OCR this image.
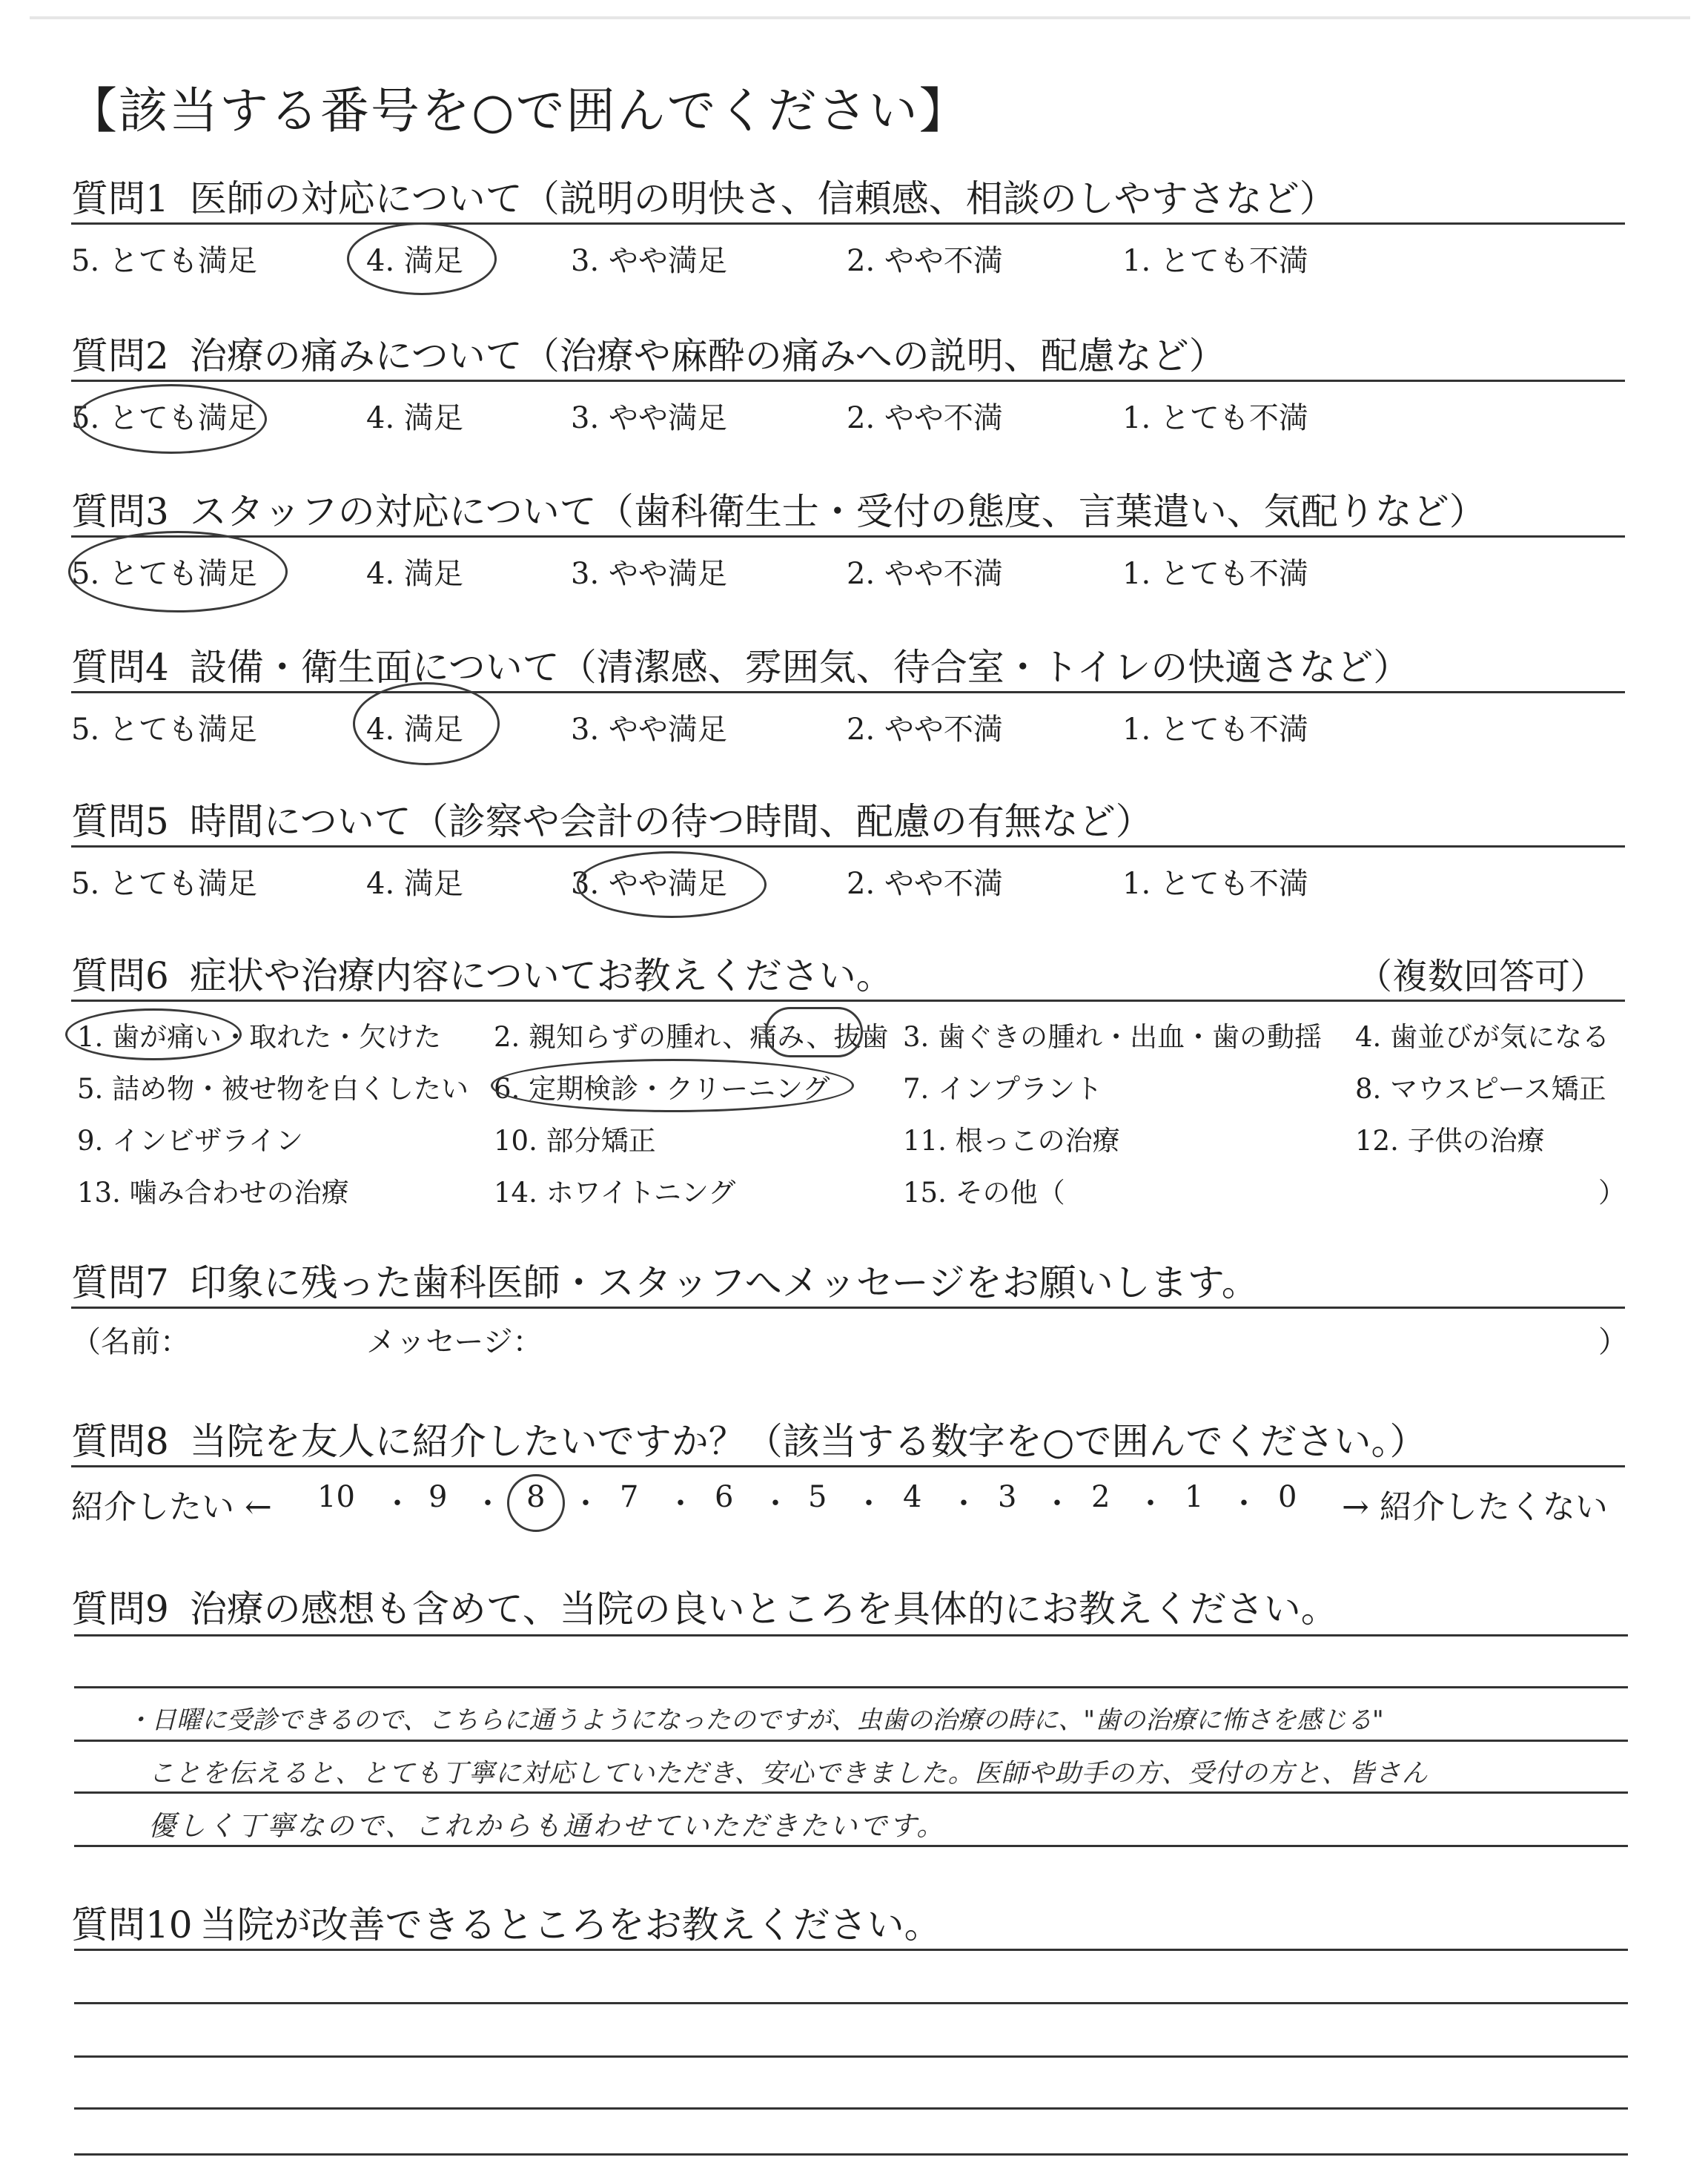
【該当する番号を○で囲んでください】
質問1 医師の対応について（説明の明快さ、信頼感、相談のしやすさなど）
5. とても満足	4. 満足	3. やや満足	2. やや不満	1. とても不満
質問2 治療の痛みについて（治療や麻酔の痛みへの説明、配慮など）
5. とても満足	4. 満足	3. やや満足	2. やや不満	1. とても不満
質問3 スタッフの対応について（歯科衛生士・受付の態度、言葉遣い、気配りなど）
5. とても満足	4. 満足	3. やや満足	2. やや不満	1. とても不満
質問4 設備・衛生面について（清潔感、雰囲気、待合室・トイレの快適さなど）
5. とても満足	4. 満足	3. やや満足	2. やや不満	1. とても不満
質問5 時間について（診察や会計の待つ時間、配慮の有無など）
5. とても満足	4. 満足	3. やや満足	2. やや不満	1. とても不満
質問6 症状や治療内容についてお教えください。	（複数回答可）
1. 歯が痛い・取れた・欠けた 2. 親知らずの腫れ、痛み、抜歯 3. 歯ぐきの腫れ・出血・歯の動揺 4. 歯並びが気になる
5. 詰め物・被せ物を白くしたい 6. 定期検診・クリーニング	7. インプラント	8. マウスピース矯正
9. インビザライン	10. 部分矯正	11. 根っこの治療	12. 子供の治療
13. 噛み合わせの治療	14. ホワイトニング	15. その他（	）
質問7 印象に残った歯科医師・スタッフへメッセージをお願いします。
（名前：	メッセージ：	）
質問8 当院を友人に紹介したいですか？（該当する数字を○で囲んでください。）
紹介したい ← 10 ・ 9 ・ 8 ・ 7 ・ 6 ・ 5 ・ 4 ・ 3 ・ 2 ・ 1 ・ 0 → 紹介したくない
質問9 治療の感想も含めて、当院の良いところを具体的にお教えください。
・日曜に受診できるので、こちらに通うようになったのですが、虫歯の治療の時に、"歯の治療に怖さを感じる"
ことを伝えると、とても丁寧に対応していただき、安心できました。医師や助手の方、受付の方と、皆さん
優しく丁寧なので、これからも通わせていただきたいです。
質問10 当院が改善できるところをお教えください。
